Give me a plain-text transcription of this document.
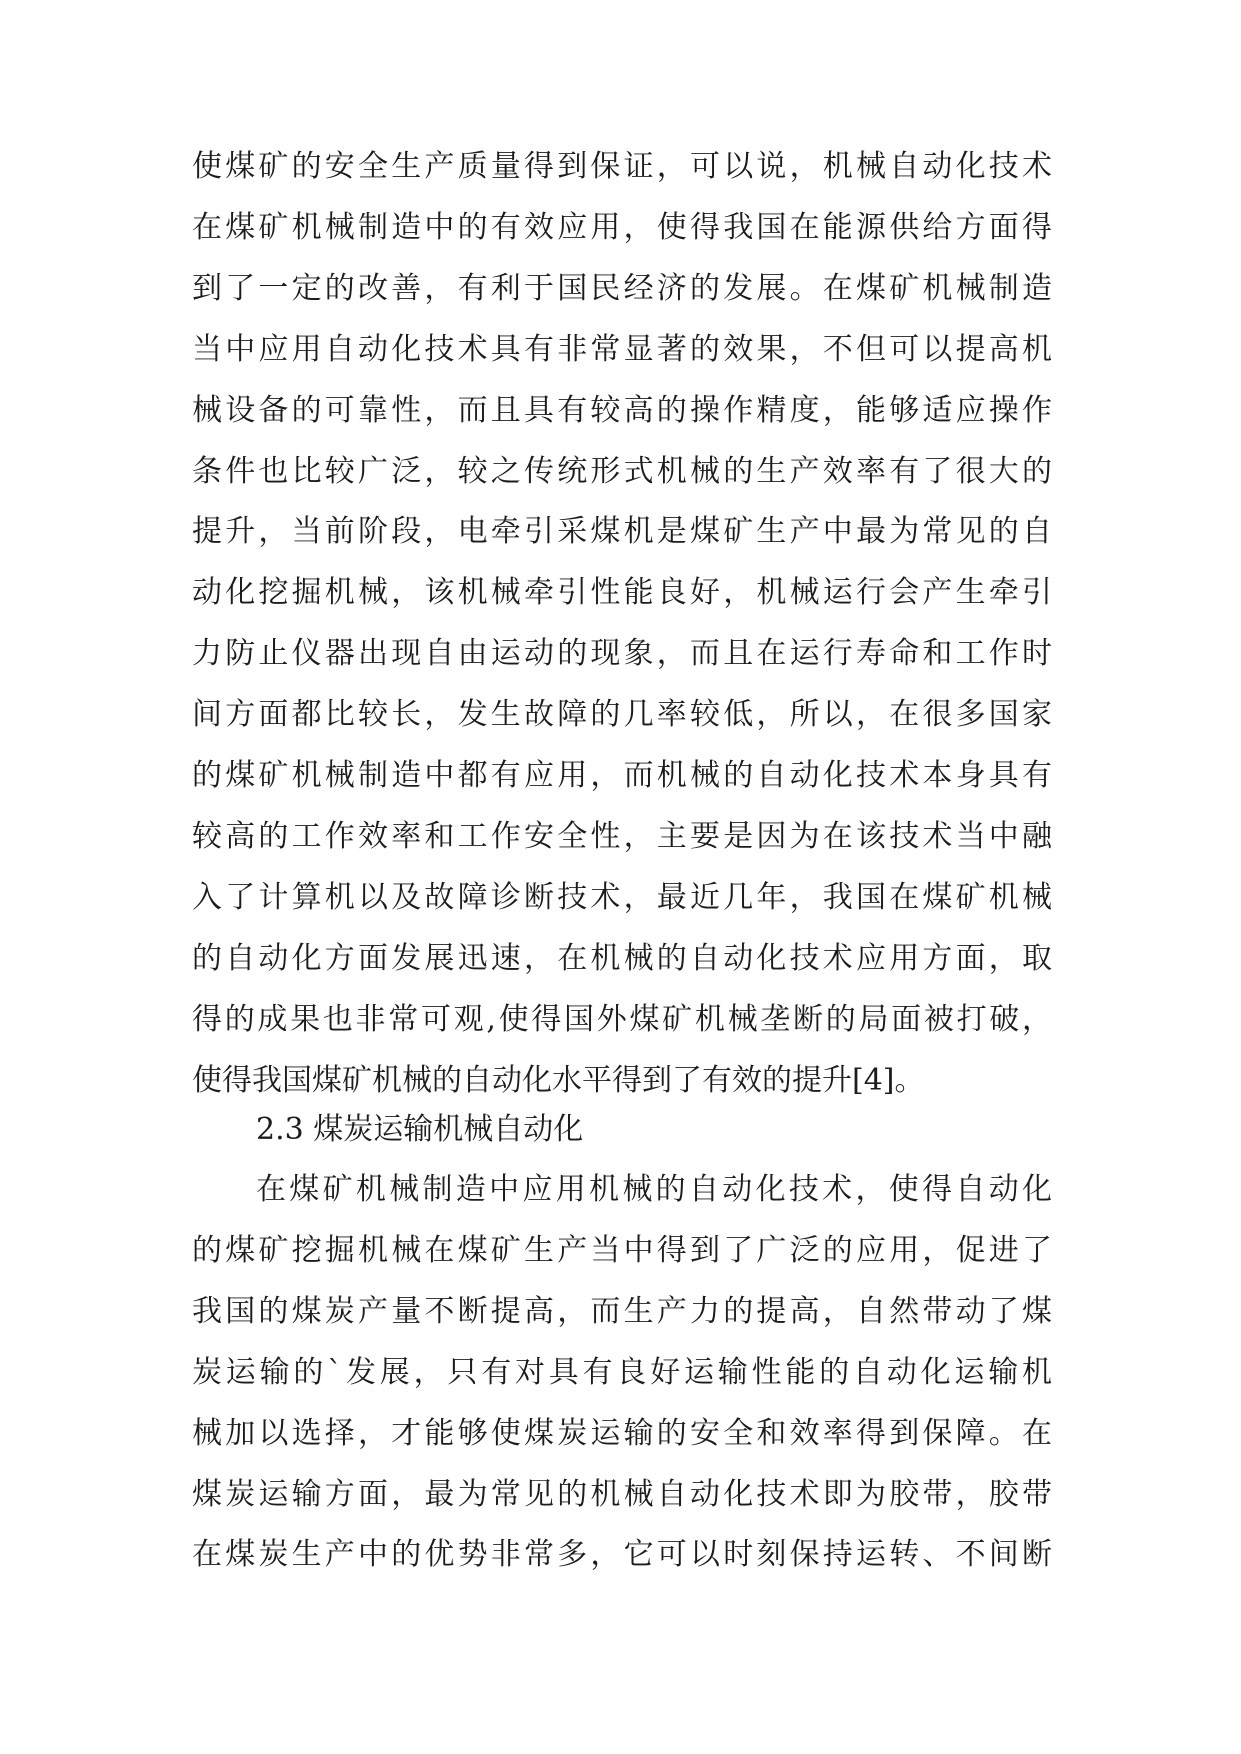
使煤矿的安全生产质量得到保证，可以说，机械自动化技术
在煤矿机械制造中的有效应用，使得我国在能源供给方面得
到了一定的改善，有利于国民经济的发展。在煤矿机械制造
当中应用自动化技术具有非常显著的效果，不但可以提高机
械设备的可靠性，而且具有较高的操作精度，能够适应操作
条件也比较广泛，较之传统形式机械的生产效率有了很大的
提升，当前阶段，电牵引采煤机是煤矿生产中最为常见的自
动化挖掘机械，该机械牵引性能良好，机械运行会产生牵引
力防止仪器出现自由运动的现象，而且在运行寿命和工作时
间方面都比较长，发生故障的几率较低，所以，在很多国家
的煤矿机械制造中都有应用，而机械的自动化技术本身具有
较高的工作效率和工作安全性，主要是因为在该技术当中融
入了计算机以及故障诊断技术，最近几年，我国在煤矿机械
的自动化方面发展迅速，在机械的自动化技术应用方面，取
得的成果也非常可观,使得国外煤矿机械垄断的局面被打破，
使得我国煤矿机械的自动化水平得到了有效的提升[4]。
2.3 煤炭运输机械自动化
在煤矿机械制造中应用机械的自动化技术，使得自动化
的煤矿挖掘机械在煤矿生产当中得到了广泛的应用，促进了
我国的煤炭产量不断提高，而生产力的提高，自然带动了煤
炭运输的`发展，只有对具有良好运输性能的自动化运输机
械加以选择，才能够使煤炭运输的安全和效率得到保障。在
煤炭运输方面，最为常见的机械自动化技术即为胶带，胶带
在煤炭生产中的优势非常多，它可以时刻保持运转、不间断
